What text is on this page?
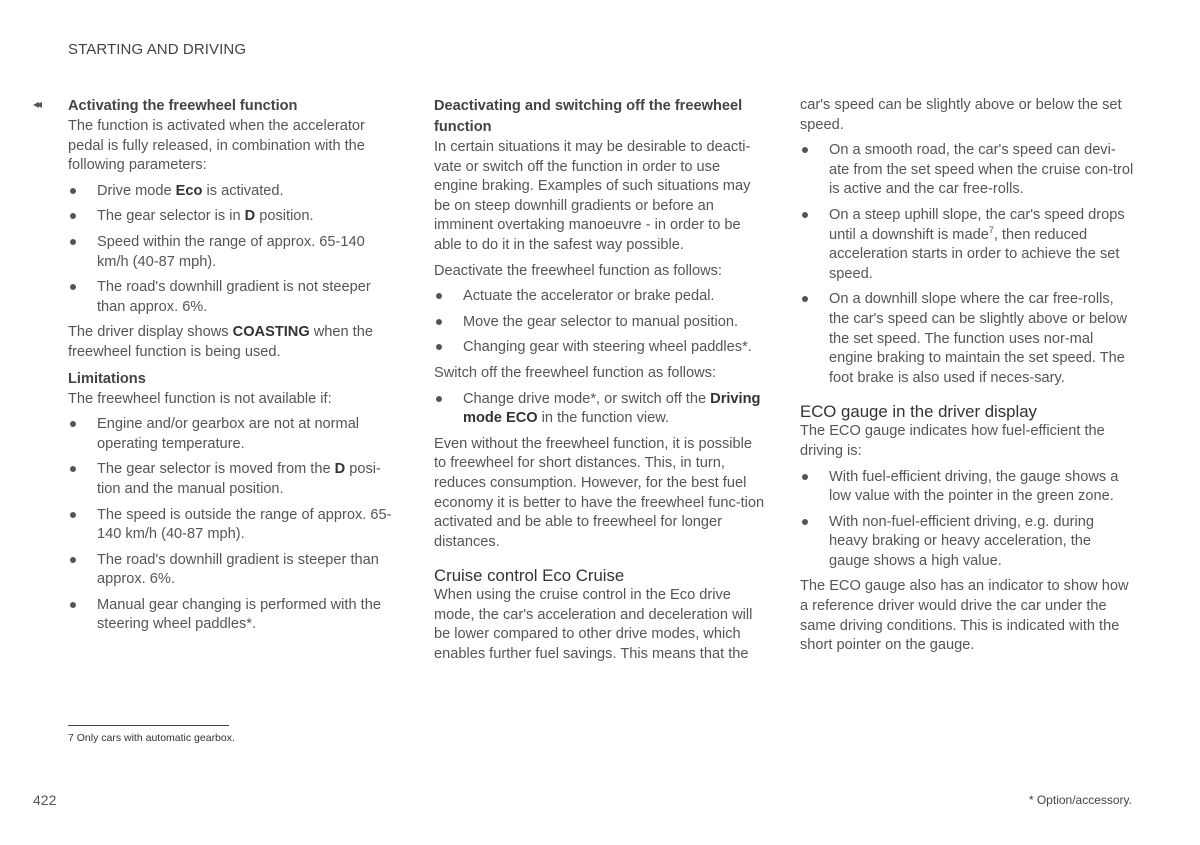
STARTING AND DRIVING
◂◂ Activating the freewheel function

The function is activated when the accelerator pedal is fully released, in combination with the following parameters:

Drive mode Eco is activated.
The gear selector is in D position.
Speed within the range of approx. 65-140 km/h (40-87 mph).
The road's downhill gradient is not steeper than approx. 6%.

The driver display shows COASTING when the freewheel function is being used.

Limitations

The freewheel function is not available if:

Engine and/or gearbox are not at normal operating temperature.
The gear selector is moved from the D posi-tion and the manual position.
The speed is outside the range of approx. 65-140 km/h (40-87 mph).
The road's downhill gradient is steeper than approx. 6%.
Manual gear changing is performed with the steering wheel paddles*.
Deactivating and switching off the freewheel function

In certain situations it may be desirable to deacti-vate or switch off the function in order to use engine braking. Examples of such situations may be on steep downhill gradients or before an imminent overtaking manoeuvre - in order to be able to do it in the safest way possible.

Deactivate the freewheel function as follows:

Actuate the accelerator or brake pedal.
Move the gear selector to manual position.
Changing gear with steering wheel paddles*.

Switch off the freewheel function as follows:

Change drive mode*, or switch off the Driving mode ECO in the function view.

Even without the freewheel function, it is possible to freewheel for short distances. This, in turn, reduces consumption. However, for the best fuel economy it is better to have the freewheel func-tion activated and be able to freewheel for longer distances.

Cruise control Eco Cruise

When using the cruise control in the Eco drive mode, the car's acceleration and deceleration will be lower compared to other drive modes, which enables further fuel savings. This means that the

car's speed can be slightly above or below the set speed.

On a smooth road, the car's speed can devi-ate from the set speed when the cruise con-trol is active and the car free-rolls.
On a steep uphill slope, the car's speed drops until a downshift is made$^7$, then reduced acceleration starts in order to achieve the set speed.
On a downhill slope where the car free-rolls, the car's speed can be slightly above or below the set speed. The function uses nor-mal engine braking to maintain the set speed. The foot brake is also used if neces-sary.
ECO gauge in the driver display

The ECO gauge indicates how fuel-efficient the driving is:

With fuel-efficient driving, the gauge shows a low value with the pointer in the green zone.
With non-fuel-efficient driving, e.g. during heavy braking or heavy acceleration, the gauge shows a high value.

The ECO gauge also has an indicator to show how a reference driver would drive the car under the same driving conditions. This is indicated with the short pointer on the gauge.

7 Only cars with automatic gearbox.
422	* Option/accessory.
